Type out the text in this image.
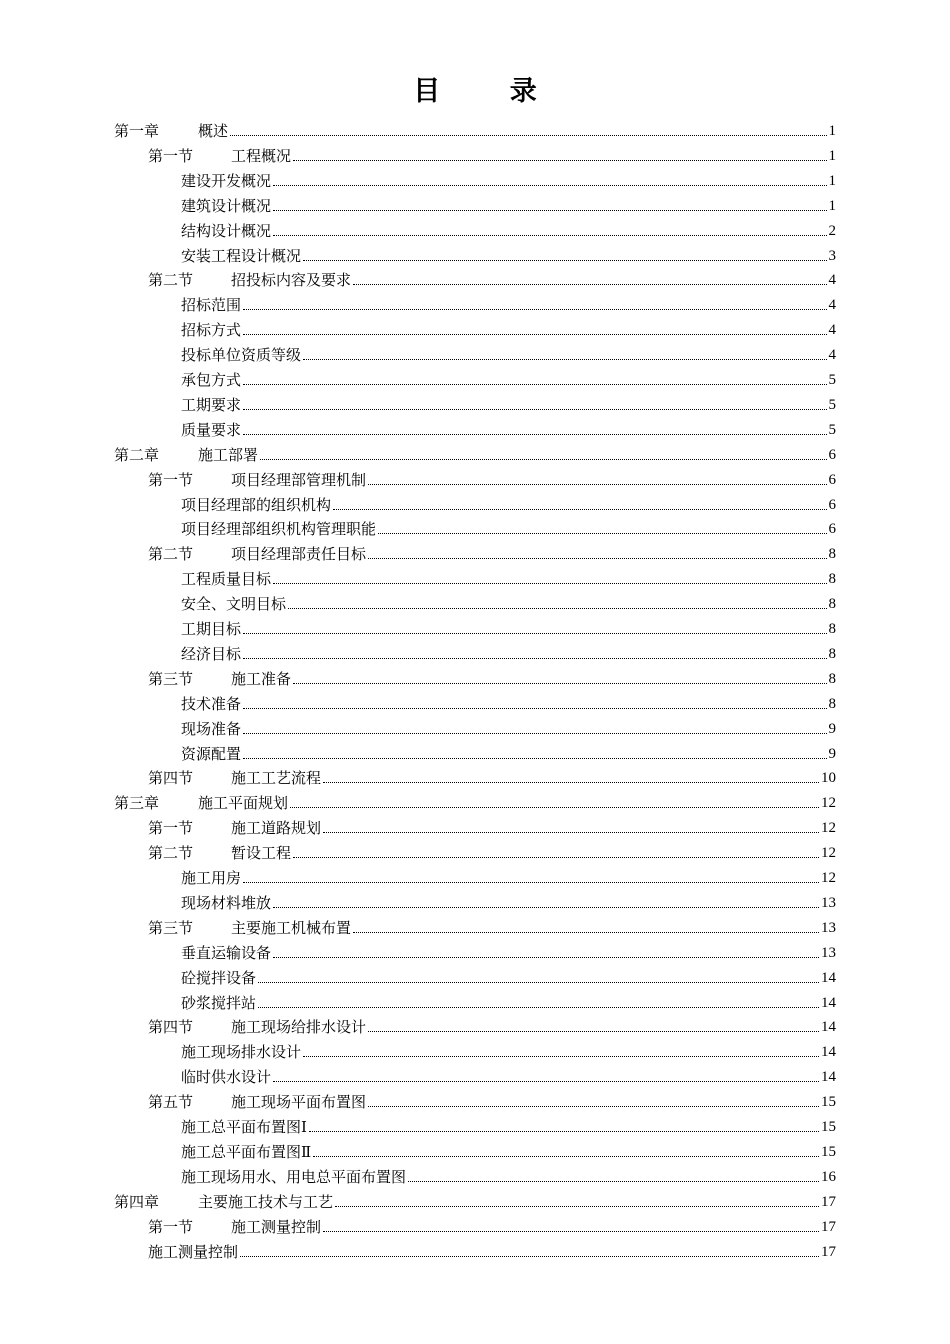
目 录
第一章	概述	1
第一节	工程概况	1
建设开发概况	1
建筑设计概况	1
结构设计概况	2
安装工程设计概况	3
第二节	招投标内容及要求	4
招标范围	4
招标方式	4
投标单位资质等级	4
承包方式	5
工期要求	5
质量要求	5
第二章	施工部署	6
第一节	项目经理部管理机制	6
项目经理部的组织机构	6
项目经理部组织机构管理职能	6
第二节	项目经理部责任目标	8
工程质量目标	8
安全、文明目标	8
工期目标	8
经济目标	8
第三节	施工准备	8
技术准备	8
现场准备	9
资源配置	9
第四节	施工工艺流程	10
第三章	施工平面规划	12
第一节	施工道路规划	12
第二节	暂设工程	12
施工用房	12
现场材料堆放	13
第三节	主要施工机械布置	13
垂直运输设备	13
砼搅拌设备	14
砂浆搅拌站	14
第四节	施工现场给排水设计	14
施工现场排水设计	14
临时供水设计	14
第五节	施工现场平面布置图	15
施工总平面布置图Ⅰ	15
施工总平面布置图Ⅱ	15
施工现场用水、用电总平面布置图	16
第四章	主要施工技术与工艺	17
第一节	施工测量控制	17
施工测量控制	17
